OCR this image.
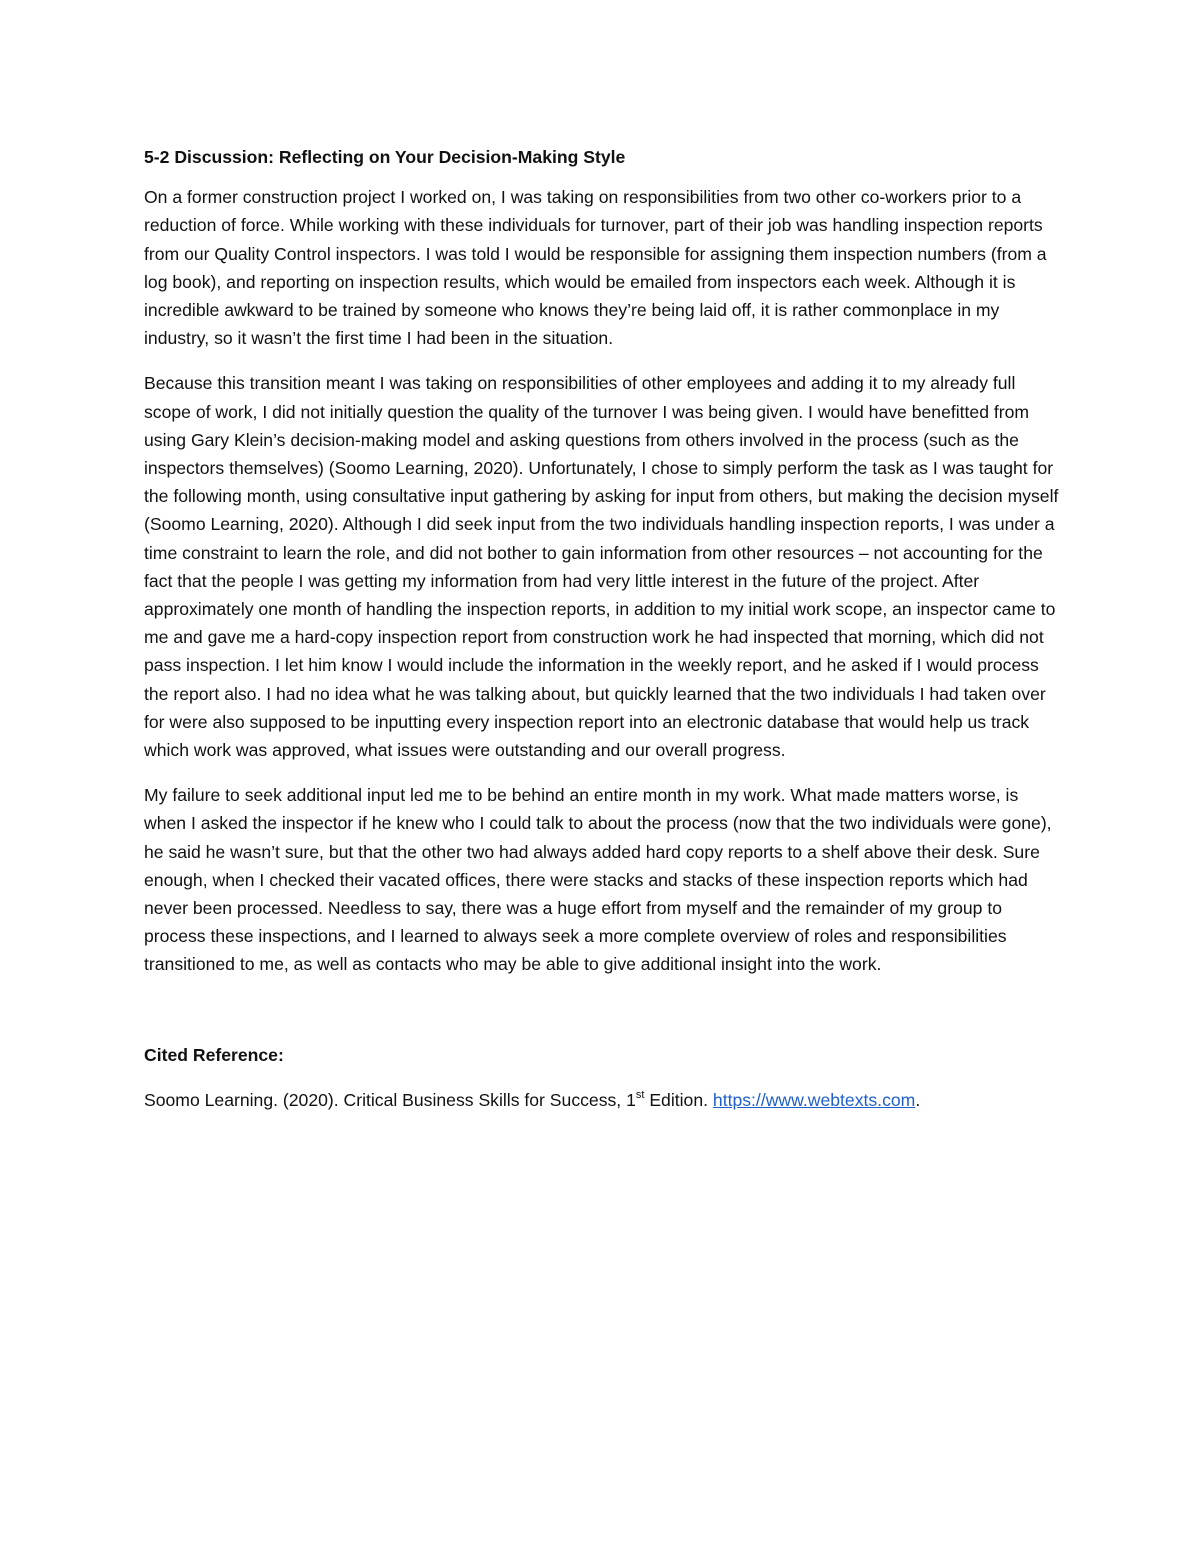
5-2 Discussion: Reflecting on Your Decision-Making Style

On a former construction project I worked on, I was taking on responsibilities from two other co-workers prior to a reduction of force. While working with these individuals for turnover, part of their job was handling inspection reports from our Quality Control inspectors. I was told I would be responsible for assigning them inspection numbers (from a log book), and reporting on inspection results, which would be emailed from inspectors each week. Although it is incredible awkward to be trained by someone who knows they’re being laid off, it is rather commonplace in my industry, so it wasn’t the first time I had been in the situation.

Because this transition meant I was taking on responsibilities of other employees and adding it to my already full scope of work, I did not initially question the quality of the turnover I was being given. I would have benefitted from using Gary Klein’s decision-making model and asking questions from others involved in the process (such as the inspectors themselves) (Soomo Learning, 2020). Unfortunately, I chose to simply perform the task as I was taught for the following month, using consultative input gathering by asking for input from others, but making the decision myself (Soomo Learning, 2020). Although I did seek input from the two individuals handling inspection reports, I was under a time constraint to learn the role, and did not bother to gain information from other resources – not accounting for the fact that the people I was getting my information from had very little interest in the future of the project. After approximately one month of handling the inspection reports, in addition to my initial work scope, an inspector came to me and gave me a hard-copy inspection report from construction work he had inspected that morning, which did not pass inspection. I let him know I would include the information in the weekly report, and he asked if I would process the report also. I had no idea what he was talking about, but quickly learned that the two individuals I had taken over for were also supposed to be inputting every inspection report into an electronic database that would help us track which work was approved, what issues were outstanding and our overall progress.

My failure to seek additional input led me to be behind an entire month in my work. What made matters worse, is when I asked the inspector if he knew who I could talk to about the process (now that the two individuals were gone), he said he wasn’t sure, but that the other two had always added hard copy reports to a shelf above their desk. Sure enough, when I checked their vacated offices, there were stacks and stacks of these inspection reports which had never been processed. Needless to say, there was a huge effort from myself and the remainder of my group to process these inspections, and I learned to always seek a more complete overview of roles and responsibilities transitioned to me, as well as contacts who may be able to give additional insight into the work.

Cited Reference:

Soomo Learning. (2020). Critical Business Skills for Success, 1st Edition. https://www.webtexts.com.
